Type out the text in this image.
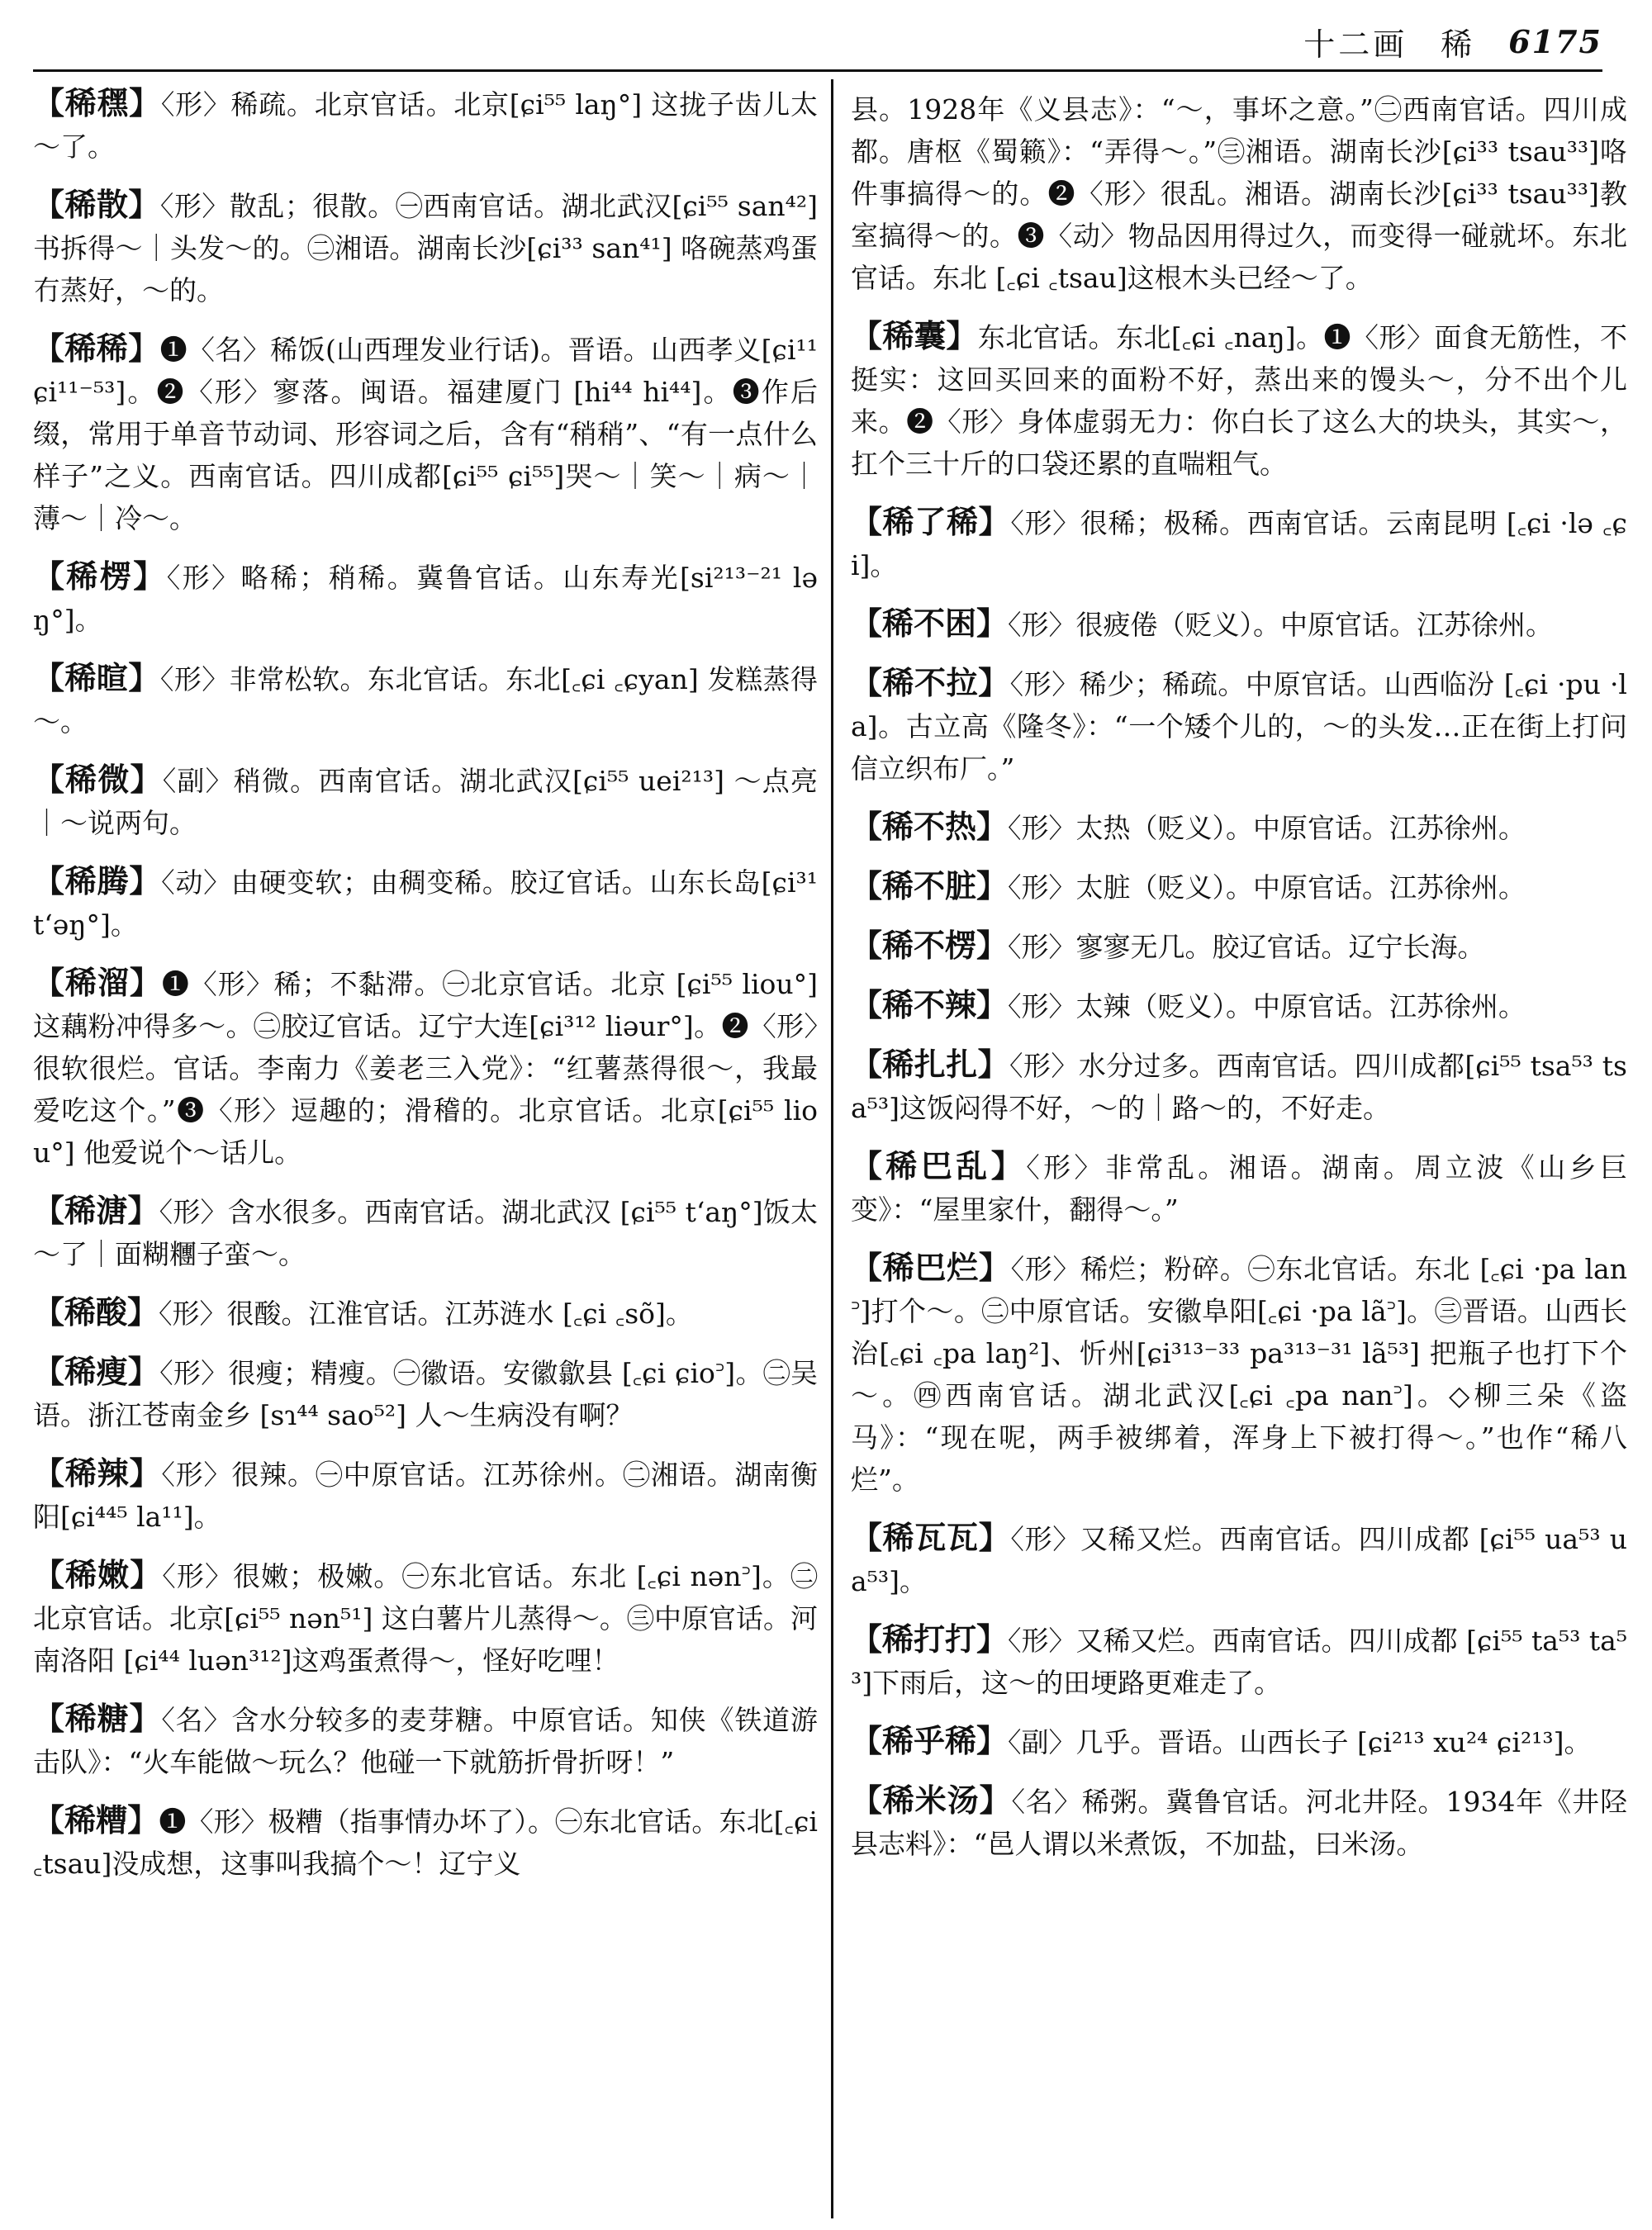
十二画 稀 6175
【稀䆀】〈形〉稀疏。北京官话。北京[ɕi⁵⁵ laŋ°] 这拢子齿儿太～了。
【稀散】〈形〉散乱；很散。㊀西南官话。湖北武汉[ɕi⁵⁵ san⁴²] 书拆得～｜头发～的。㊁湘语。湖南长沙[ɕi³³ san⁴¹] 咯碗蒸鸡蛋冇蒸好，～的。
【稀稀】❶〈名〉稀饭(山西理发业行话)。晋语。山西孝义[ɕi¹¹ ɕi¹¹⁻⁵³]。❷〈形〉寥落。闽语。福建厦门 [hi⁴⁴ hi⁴⁴]。❸作后缀，常用于单音节动词、形容词之后，含有“稍稍”、“有一点什么样子”之义。西南官话。四川成都[ɕi⁵⁵ ɕi⁵⁵]哭～｜笑～｜病～｜薄～｜冷～。
【稀楞】〈形〉略稀；稍稀。冀鲁官话。山东寿光[si²¹³⁻²¹ ləŋ°]。
【稀暄】〈形〉非常松软。东北官话。东北[꜀ɕi ꜀ɕyan] 发糕蒸得～。
【稀微】〈副〉稍微。西南官话。湖北武汉[ɕi⁵⁵ uei²¹³] ～点亮｜～说两句。
【稀腾】〈动〉由硬变软；由稠变稀。胶辽官话。山东长岛[ɕi³¹ tʻəŋ°]。
【稀溜】❶〈形〉稀；不黏滞。㊀北京官话。北京 [ɕi⁵⁵ liou°]这藕粉冲得多～。㊁胶辽官话。辽宁大连[ɕi³¹² liəur°]。❷〈形〉很软很烂。官话。李南力《姜老三入党》：“红薯蒸得很～，我最爱吃这个。”❸〈形〉逗趣的；滑稽的。北京官话。北京[ɕi⁵⁵ liou°] 他爱说个～话儿。
【稀溏】〈形〉含水很多。西南官话。湖北武汉 [ɕi⁵⁵ tʻaŋ°]饭太～了｜面糊糰子蛮～。
【稀酸】〈形〉很酸。江淮官话。江苏涟水 [꜀ɕi ꜀sõ]。
【稀瘦】〈形〉很瘦；精瘦。㊀徽语。安徽歙县 [꜀ɕi ɕio꜄]。㊁吴语。浙江苍南金乡 [sɿ⁴⁴ sao⁵²] 人～生病没有啊？
【稀辣】〈形〉很辣。㊀中原官话。江苏徐州。㊁湘语。湖南衡阳[ɕi⁴⁴⁵ la¹¹]。
【稀嫩】〈形〉很嫩；极嫩。㊀东北官话。东北 [꜀ɕi nən꜄]。㊁北京官话。北京[ɕi⁵⁵ nən⁵¹] 这白薯片儿蒸得～。㊂中原官话。河南洛阳 [ɕi⁴⁴ luən³¹²]这鸡蛋煮得～，怪好吃哩！
【稀糖】〈名〉含水分较多的麦芽糖。中原官话。知侠《铁道游击队》：“火车能做～玩么？他碰一下就筋折骨折呀！”
【稀糟】❶〈形〉极糟（指事情办坏了）。㊀东北官话。东北[꜀ɕi ꜀tsau]没成想，这事叫我搞个～！辽宁义
县。1928年《义县志》：“～，事坏之意。”㊁西南官话。四川成都。唐枢《蜀籁》：“弄得～。”㊂湘语。湖南长沙[ɕi³³ tsau³³]咯件事搞得～的。❷〈形〉很乱。湘语。湖南长沙[ɕi³³ tsau³³]教室搞得～的。❸〈动〉物品因用得过久，而变得一碰就坏。东北官话。东北 [꜀ɕi ꜀tsau]这根木头已经～了。
【稀囊】东北官话。东北[꜀ɕi ꜀naŋ]。❶〈形〉面食无筋性，不挺实：这回买回来的面粉不好，蒸出来的馒头～，分不出个儿来。❷〈形〉身体虚弱无力：你白长了这么大的块头，其实～，扛个三十斤的口袋还累的直喘粗气。
【稀了稀】〈形〉很稀；极稀。西南官话。云南昆明 [꜀ɕi ·lə ꜀ɕi]。
【稀不困】〈形〉很疲倦（贬义）。中原官话。江苏徐州。
【稀不拉】〈形〉稀少；稀疏。中原官话。山西临汾 [꜀ɕi ·pu ·la]。古立高《隆冬》：“一个矮个儿的，～的头发…正在街上打问信立织布厂。”
【稀不热】〈形〉太热（贬义）。中原官话。江苏徐州。
【稀不脏】〈形〉太脏（贬义）。中原官话。江苏徐州。
【稀不楞】〈形〉寥寥无几。胶辽官话。辽宁长海。
【稀不辣】〈形〉太辣（贬义）。中原官话。江苏徐州。
【稀扎扎】〈形〉水分过多。西南官话。四川成都[ɕi⁵⁵ tsa⁵³ tsa⁵³]这饭闷得不好，～的｜路～的，不好走。
【稀巴乱】〈形〉非常乱。湘语。湖南。周立波《山乡巨变》：“屋里家什，翻得～。”
【稀巴烂】〈形〉稀烂；粉碎。㊀东北官话。东北 [꜀ɕi ·pa lan꜄]打个～。㊁中原官话。安徽阜阳[꜀ɕi ·pa lã꜄]。㊂晋语。山西长治[꜀ɕi ꜀pa laŋ²]、忻州[ɕi³¹³⁻³³ pa³¹³⁻³¹ lã⁵³] 把瓶子也打下个～。㊃西南官话。湖北武汉[꜀ɕi ꜀pa nan꜄]。◇柳三朵《盗马》：“现在呢，两手被绑着，浑身上下被打得～。”也作“稀八烂”。
【稀瓦瓦】〈形〉又稀又烂。西南官话。四川成都 [ɕi⁵⁵ ua⁵³ ua⁵³]。
【稀打打】〈形〉又稀又烂。西南官话。四川成都 [ɕi⁵⁵ ta⁵³ ta⁵³]下雨后，这～的田埂路更难走了。
【稀乎稀】〈副〉几乎。晋语。山西长子 [ɕi²¹³ xu²⁴ ɕi²¹³]。
【稀米汤】〈名〉稀粥。冀鲁官话。河北井陉。1934年《井陉县志料》：“邑人谓以米煮饭，不加盐，曰米汤。
